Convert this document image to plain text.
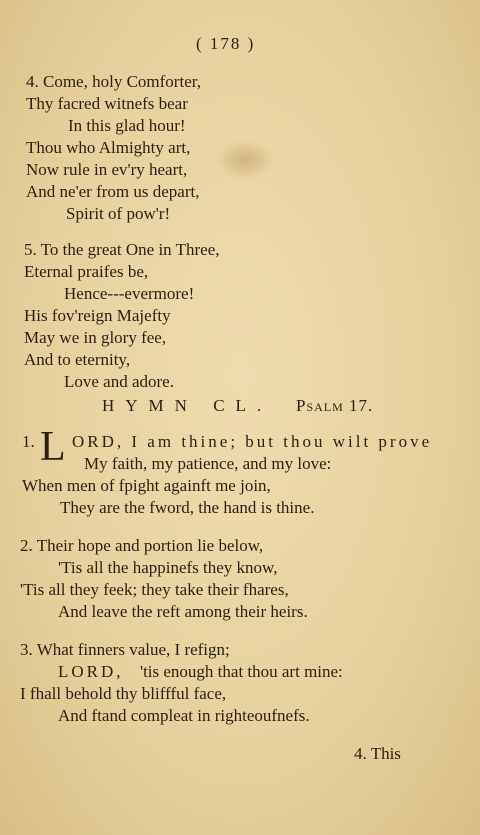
( 178 )
4. Come, holy Comforter,
Thy facred witnefs bear
In this glad hour!
Thou who Almighty art,
Now rule in ev'ry heart,
And ne'er from us depart,
Spirit of pow'r!
5. To the great One in Three,
Eternal praifes be,
Hence---evermore!
His fov'reign Majefty
May we in glory fee,
And to eternity,
Love and adore.
HYMN CL. Psalm 17.
1. L ORD, I am thine; but thou wilt prove
My faith, my patience, and my love:
When men of fpight againft me join,
They are the fword, the hand is thine.
2. Their hope and portion lie below,
'Tis all the happinefs they know,
'Tis all they feek; they take their fhares,
And leave the reft among their heirs.
3. What finners value, I refign;
LORD, 'tis enough that thou art mine:
I fhall behold thy bliffful face,
And ftand compleat in righteoufnefs.
4. This
